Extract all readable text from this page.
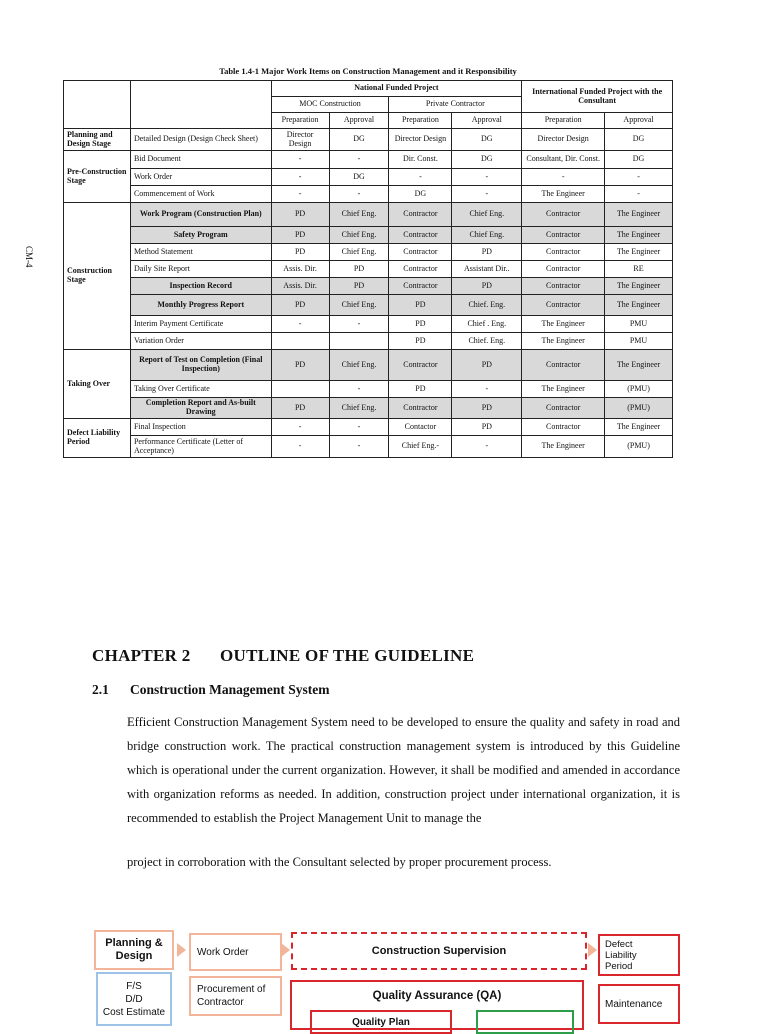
CM-4
Table 1.4-1 Major Work Items on Construction Management and it Responsibility
		National Funded Project				International Funded Project with the Consultant	
		MOC Construction		Private Contractor			
		Preparation	Approval	Preparation	Approval	Preparation	Approval
Planning and Design Stage	Detailed Design (Design Check Sheet)	Director Design	DG	Director Design	DG	Director Design	DG
Pre-Construction Stage	Bid Document	-	-	Dir. Const.	DG	Consultant, Dir. Const.	DG
	Work Order	-	DG	-	-	-	-
	Commencement of Work	-	-	DG	-	The Engineer	-
Construction Stage	Work Program (Construction Plan)	PD	Chief Eng.	Contractor	Chief Eng.	Contractor	The Engineer
	Safety Program	PD	Chief Eng.	Contractor	Chief Eng.	Contractor	The Engineer
	Method Statement	PD	Chief Eng.	Contractor	PD	Contractor	The Engineer
	Daily Site Report	Assis. Dir.	PD	Contractor	Assistant Dir..	Contractor	RE
	Inspection Record	Assis. Dir.	PD	Contractor	PD	Contractor	The Engineer
	Monthly Progress Report	PD	Chief Eng.	PD	Chief. Eng.	Contractor	The Engineer
	Interim Payment Certificate	-	-	PD	Chief . Eng.	The Engineer	PMU
	Variation Order			PD	Chief. Eng.	The Engineer	PMU
Taking Over	Report of Test on Completion (Final Inspection)	PD	Chief Eng.	Contractor	PD	Contractor	The Engineer
	Taking Over Certificate		-	PD	-	The Engineer	(PMU)
	Completion Report and As-built Drawing	PD	Chief Eng.	Contractor	PD	Contractor	(PMU)
Defect Liability Period	Final Inspection	-	-	Contactor	PD	Contractor	The Engineer
	Performance Certificate (Letter of Acceptance)	-	-	Chief Eng.-	-	The Engineer	(PMU)
CHAPTER 2 OUTLINE OF THE GUIDELINE
2.1 Construction Management System
Efficient Construction Management System need to be developed to ensure the quality and safety in road and bridge construction work. The practical construction management system is introduced by this Guideline which is operational under the current organization. However, it shall be modified and amended in accordance with organization reforms as needed. In addition, construction project under international organization, it is recommended to establish the Project Management Unit to manage the
project in corroboration with the Consultant selected by proper procurement process.
Planning & Design
F/S
D/D
Cost Estimate
Work Order
Procurement of Contractor
Construction Supervision
Quality Assurance (QA)
Quality Plan
Defect Liability Period
Maintenance
